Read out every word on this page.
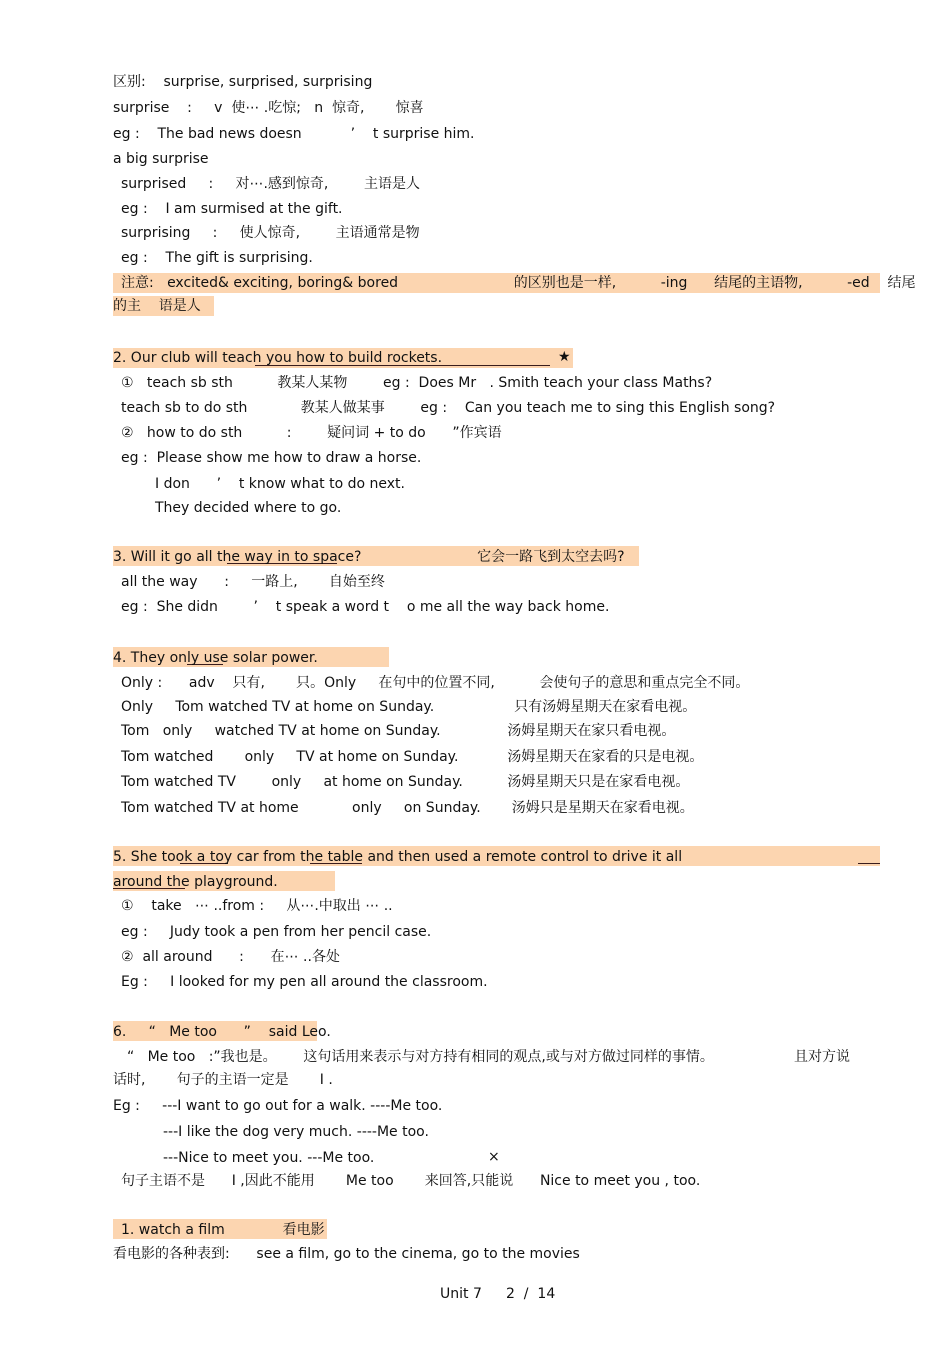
区别:    surprise, surprised, surprising
surprise    :     v  使⋯ .吃惊;   n  惊奇,       惊喜
eg :    The bad news doesn           ’    t surprise him.
a big surprise
surprised     :     对⋯.感到惊奇,        主语是人
eg :    I am surmised at the gift.
surprising     :     使人惊奇,        主语通常是物
eg :    The gift is surprising.
注意:   excited& exciting, boring& bored                          的区别也是一样,          -ing      结尾的主语物,          -ed    结尾
的主    语是人
2. Our club will teach you how to build rockets.	★
①   teach sb sth          教某人某物        eg :  Does Mr   . Smith teach your class Maths?
teach sb to do sth            教某人做某事        eg :    Can you teach me to sing this English song?
②   how to do sth          :        疑问词 + to do      ”作宾语
eg :  Please show me how to draw a horse.
I don      ’    t know what to do next.
They decided where to go.
3. Will it go all the way in to space?                          它会一路飞到太空去吗?
all the way      :     一路上,       自始至终
eg :  She didn        ’    t speak a word t    o me all the way back home.
4. They only use solar power.
Only :      adv    只有,       只。Only     在句中的位置不同,          会使句子的意思和重点完全不同。
Only     Tom watched TV at home on Sunday.                  只有汤姆星期天在家看电视。
Tom   only     watched TV at home on Sunday.               汤姆星期天在家只看电视。
Tom watched       only     TV at home on Sunday.           汤姆星期天在家看的只是电视。
Tom watched TV        only     at home on Sunday.          汤姆星期天只是在家看电视。
Tom watched TV at home            only     on Sunday.       汤姆只是星期天在家看电视。
5. She took a toy car from the table and then used a remote control to drive it all
around the playground.
①    take   ⋯ ..from :     从⋯.中取出 ⋯ ..
eg :     Judy took a pen from her pencil case.
②  all around      :      在⋯ ..各处
Eg :     I looked for my pen all around the classroom.
6.     “   Me too      ”    said Leo.
“   Me too   :”我也是。      这句话用来表示与对方持有相同的观点,或与对方做过同样的事情。                  且对方说
话时,       句子的主语一定是       I .
Eg :     ---I want to go out for a walk. ----Me too.
---I like the dog very much. ----Me too.
---Nice to meet you. ---Me too.	×
句子主语不是      I ,因此不能用       Me too       来回答,只能说      Nice to meet you , too.
1. watch a film             看电影
看电影的各种表到:      see a film, go to the cinema, go to the movies
Unit 7 2  /  14
